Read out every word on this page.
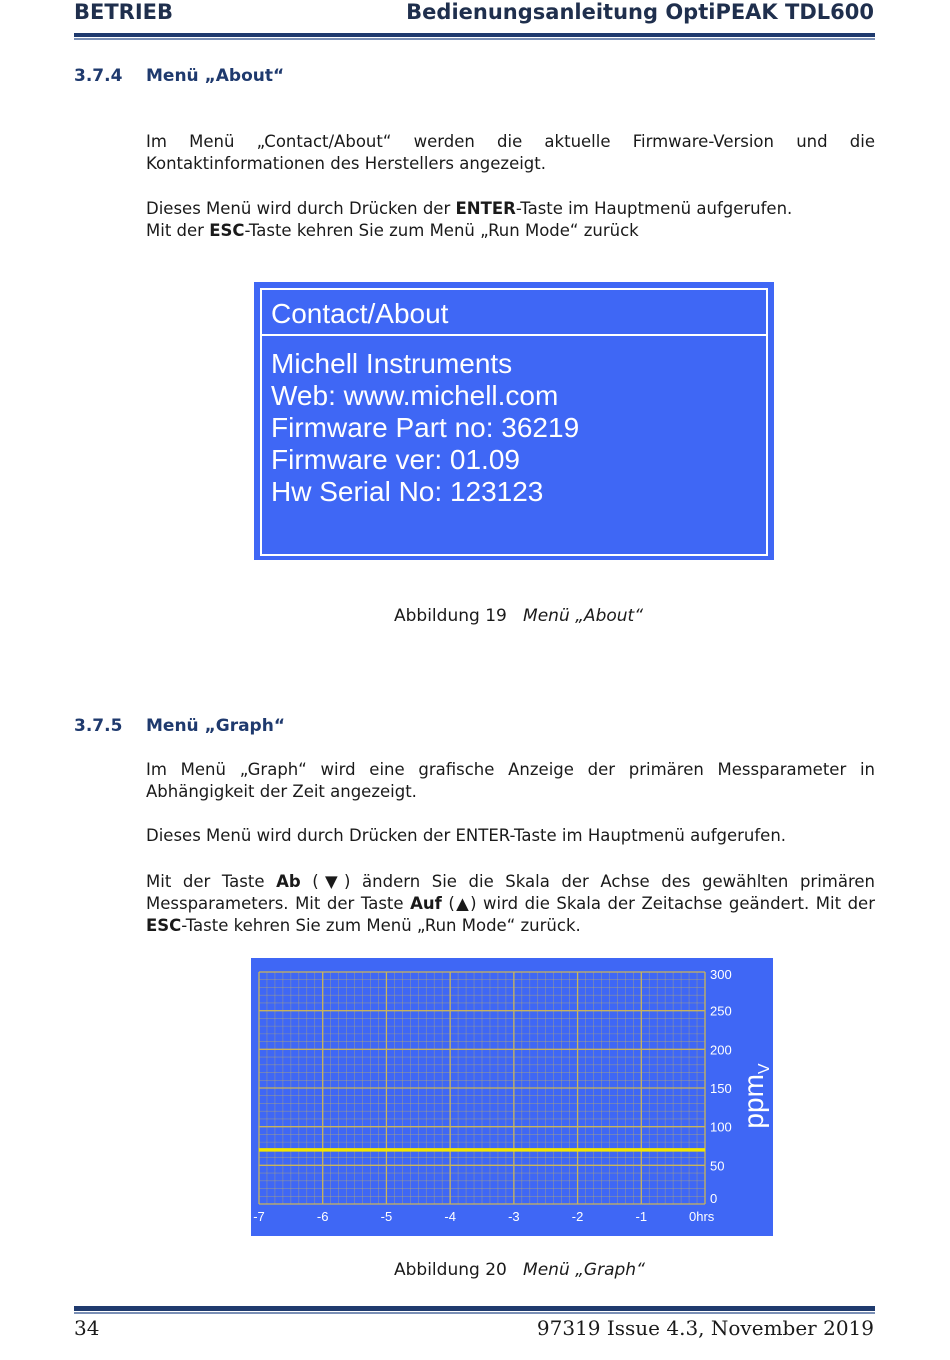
BETRIEB	Bedienungsanleitung OptiPEAK TDL600
3.7.4 Menü „About“
Im Menü „Contact/About“ werden die aktuelle Firmware-Version und die
Kontaktinformationen des Herstellers angezeigt.
Dieses Menü wird durch Drücken der ENTER-Taste im Hauptmenü aufgerufen.
Mit der ESC-Taste kehren Sie zum Menü „Run Mode“ zurück
Contact/About
Michell Instruments
Web: www.michell.com
Firmware Part no: 36219
Firmware ver: 01.09
Hw Serial No: 123123
Abbildung 19 Menü „About“
3.7.5 Menü „Graph“
Im Menü „Graph“ wird eine grafische Anzeige der primären Messparameter in
Abhängigkeit der Zeit angezeigt.
Dieses Menü wird durch Drücken der ENTER-Taste im Hauptmenü aufgerufen.
Mit der Taste Ab (▼) ändern Sie die Skala der Achse des gewählten primären
Messparameters. Mit der Taste Auf (▲) wird die Skala der Zeitachse geändert. Mit der
ESC-Taste kehren Sie zum Menü „Run Mode“ zurück.
300
250
200
150
100
50
0
-7	-6	-5	-4	-3	-2	-1	0hrs
ppm$_V$
Abbildung 20 Menü „Graph“
34	97319 Issue 4.3, November 2019
